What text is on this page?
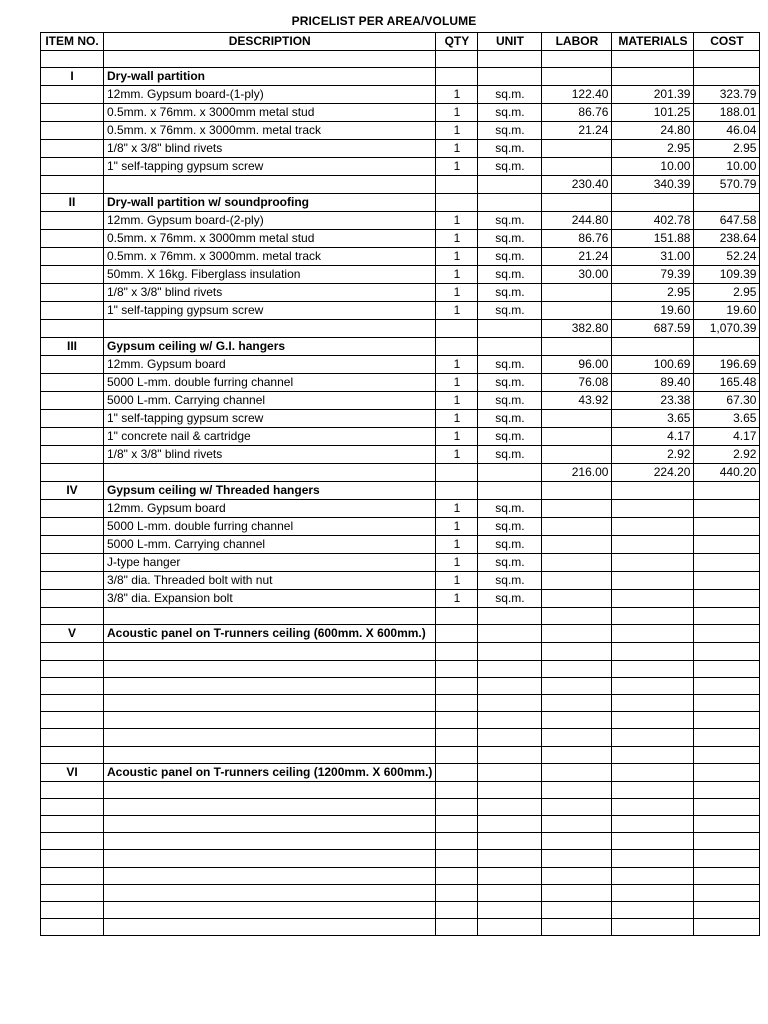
PRICELIST PER AREA/VOLUME
ITEM NO.	DESCRIPTION	QTY	UNIT	LABOR	MATERIALS	COST

I	Dry-wall partition					
	12mm. Gypsum board-(1-ply)	1	sq.m.	122.40	201.39	323.79
	0.5mm. x 76mm. x 3000mm metal stud	1	sq.m.	86.76	101.25	188.01
	0.5mm. x 76mm. x 3000mm. metal track	1	sq.m.	21.24	24.80	46.04
	1/8" x 3/8" blind rivets	1	sq.m.		2.95	2.95
	1" self-tapping gypsum screw	1	sq.m.		10.00	10.00
				230.40	340.39	570.79
II	Dry-wall partition w/ soundproofing					
	12mm. Gypsum board-(2-ply)	1	sq.m.	244.80	402.78	647.58
	0.5mm. x 76mm. x 3000mm metal stud	1	sq.m.	86.76	151.88	238.64
	0.5mm. x 76mm. x 3000mm. metal track	1	sq.m.	21.24	31.00	52.24
	50mm. X 16kg. Fiberglass insulation	1	sq.m.	30.00	79.39	109.39
	1/8" x 3/8" blind rivets	1	sq.m.		2.95	2.95
	1" self-tapping gypsum screw	1	sq.m.		19.60	19.60
				382.80	687.59	1,070.39
III	Gypsum ceiling w/ G.I. hangers					
	12mm. Gypsum board	1	sq.m.	96.00	100.69	196.69
	5000 L-mm. double furring channel	1	sq.m.	76.08	89.40	165.48
	5000 L-mm. Carrying channel	1	sq.m.	43.92	23.38	67.30
	1" self-tapping gypsum screw	1	sq.m.		3.65	3.65
	1" concrete nail & cartridge	1	sq.m.		4.17	4.17
	1/8" x 3/8" blind rivets	1	sq.m.		2.92	2.92
				216.00	224.20	440.20
IV	Gypsum ceiling w/ Threaded hangers					
	12mm. Gypsum board	1	sq.m.			
	5000 L-mm. double furring channel	1	sq.m.			
	5000 L-mm. Carrying channel	1	sq.m.			
	J-type hanger	1	sq.m.			
	3/8" dia. Threaded bolt with nut	1	sq.m.			
	3/8" dia. Expansion bolt	1	sq.m.			

V	Acoustic panel on T-runners ceiling (600mm. X 600mm.)					

VI	Acoustic panel on T-runners ceiling (1200mm. X 600mm.)					
